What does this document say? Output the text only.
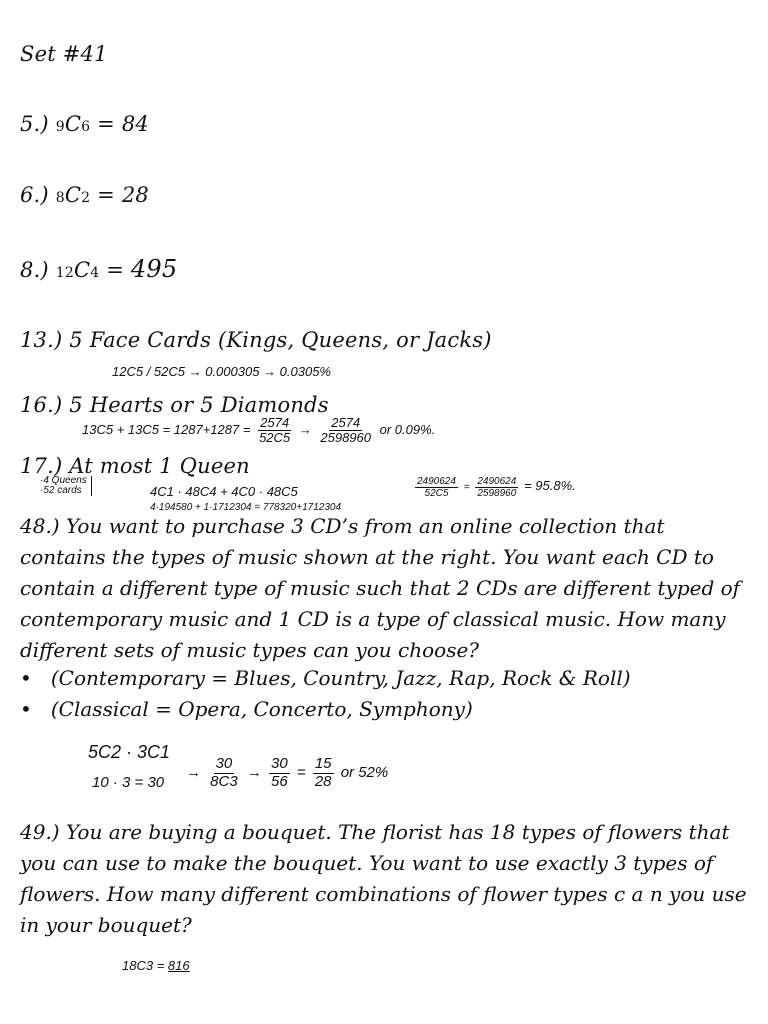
Set #41
5.) 9C6 = 84
6.) 8C2 = 28
8.) 12C4 = 495
13.) 5 Face Cards (Kings, Queens, or Jacks)
12C5 / 52C5 → 0.000305 → 0.0305%
16.) 5 Hearts or 5 Diamonds
$13C5 + 13C5 = 1287+1287 = \frac{2574}{52C5} \to \frac{2574}{2598960}$ or 0.09%.
17.) At most 1 Queen
·4 Queens
·52 cards	4C1 · 48C4 + 4C0 · 48C5
4·194580 + 1·1712304 = 778320+1712304
$\frac{2490624}{52C5} = \frac{2490624}{2598960} = 95.8\%$.
48.) You want to purchase 3 CD’s from an online collection that contains the types of music shown at the right. You want each CD to contain a different type of music such that 2 CDs are different typed of contemporary music and 1 CD is a type of classical music. How many different sets of music types can you choose?
• (Contemporary = Blues, Country, Jazz, Rap, Rock & Roll)
• (Classical = Opera, Concerto, Symphony)
5C2 · 3C1
10 · 3 = 30
→ $\frac{30}{8C3} \to \frac{30}{56} = \frac{15}{28}$ or 52%
49.) You are buying a bouquet. The florist has 18 types of flowers that you can use to make the bouquet. You want to use exactly 3 types of flowers. How many different combinations of flower types c a n you use in your bouquet?
18C3 = 816
